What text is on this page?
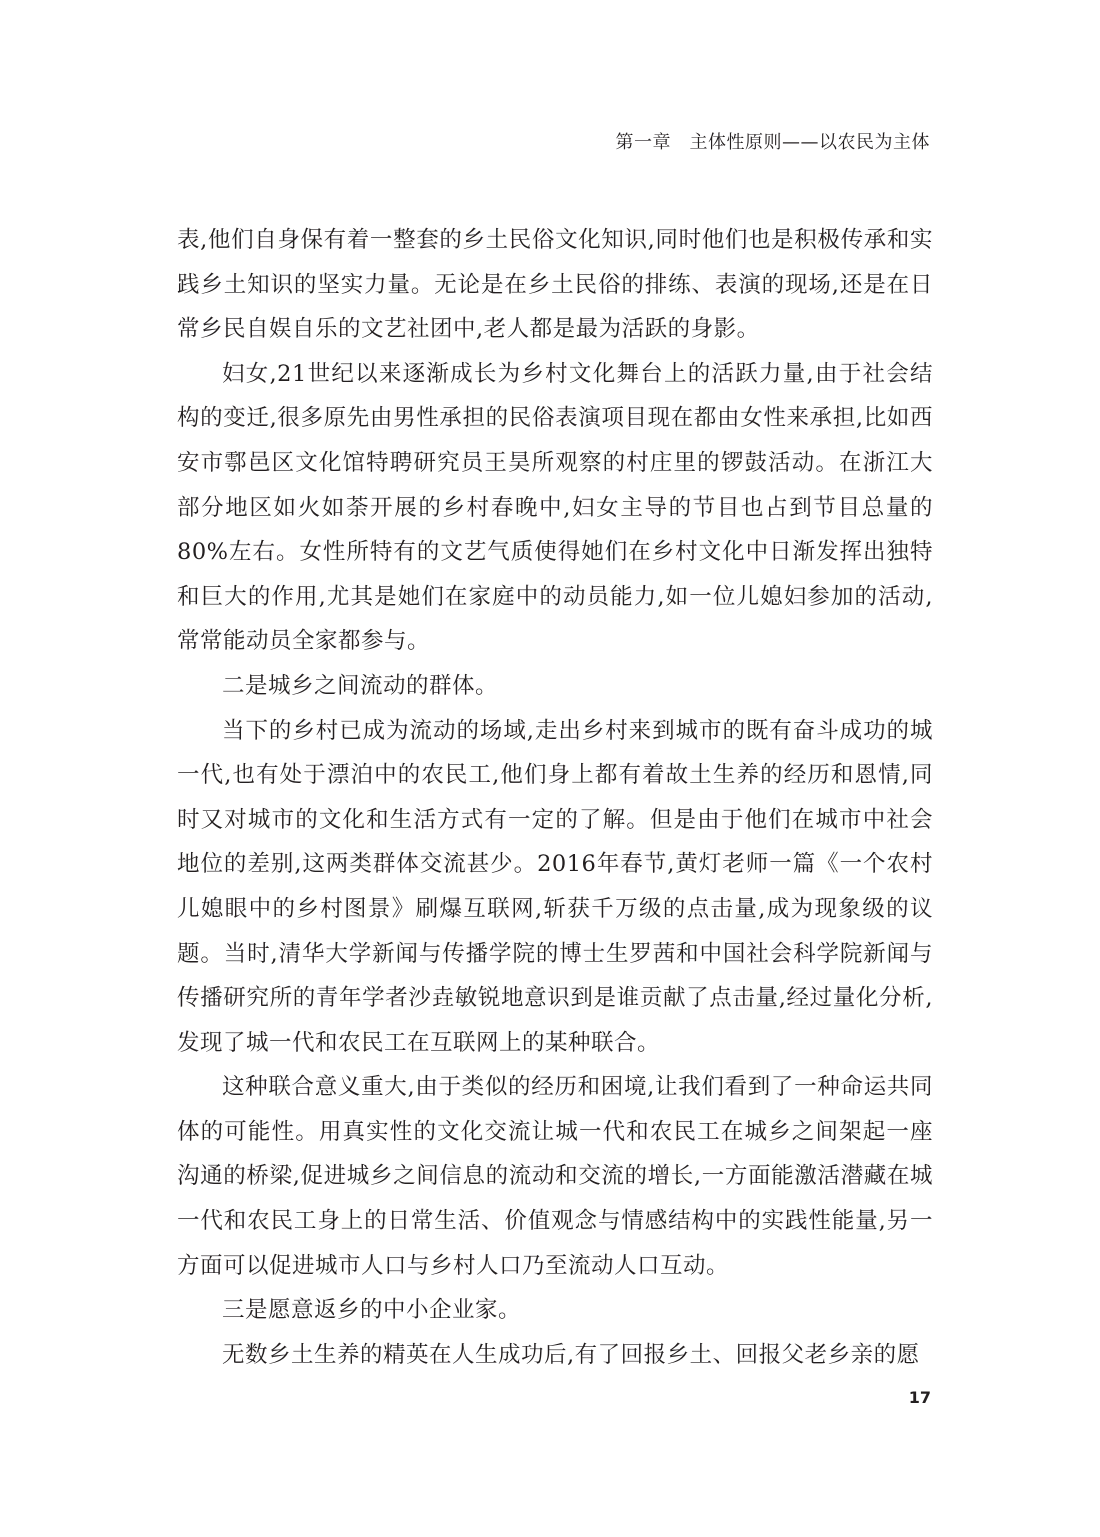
第一章　主体性原则——以农民为主体

表,他们自身保有着一整套的乡土民俗文化知识,同时他们也是积极传承和实践乡土知识的坚实力量。无论是在乡土民俗的排练、表演的现场,还是在日常乡民自娱自乐的文艺社团中,老人都是最为活跃的身影。

妇女,21世纪以来逐渐成长为乡村文化舞台上的活跃力量,由于社会结构的变迁,很多原先由男性承担的民俗表演项目现在都由女性来承担,比如西安市鄠邑区文化馆特聘研究员王昊所观察的村庄里的锣鼓活动。在浙江大部分地区如火如荼开展的乡村春晚中,妇女主导的节目也占到节目总量的80%左右。女性所特有的文艺气质使得她们在乡村文化中日渐发挥出独特和巨大的作用,尤其是她们在家庭中的动员能力,如一位儿媳妇参加的活动,常常能动员全家都参与。

二是城乡之间流动的群体。

当下的乡村已成为流动的场域,走出乡村来到城市的既有奋斗成功的城一代,也有处于漂泊中的农民工,他们身上都有着故土生养的经历和恩情,同时又对城市的文化和生活方式有一定的了解。但是由于他们在城市中社会地位的差别,这两类群体交流甚少。2016年春节,黄灯老师一篇《一个农村儿媳眼中的乡村图景》刷爆互联网,斩获千万级的点击量,成为现象级的议题。当时,清华大学新闻与传播学院的博士生罗茜和中国社会科学院新闻与传播研究所的青年学者沙垚敏锐地意识到是谁贡献了点击量,经过量化分析,发现了城一代和农民工在互联网上的某种联合。

这种联合意义重大,由于类似的经历和困境,让我们看到了一种命运共同体的可能性。用真实性的文化交流让城一代和农民工在城乡之间架起一座沟通的桥梁,促进城乡之间信息的流动和交流的增长,一方面能激活潜藏在城一代和农民工身上的日常生活、价值观念与情感结构中的实践性能量,另一方面可以促进城市人口与乡村人口乃至流动人口互动。

三是愿意返乡的中小企业家。

无数乡土生养的精英在人生成功后,有了回报乡土、回报父老乡亲的愿

17
